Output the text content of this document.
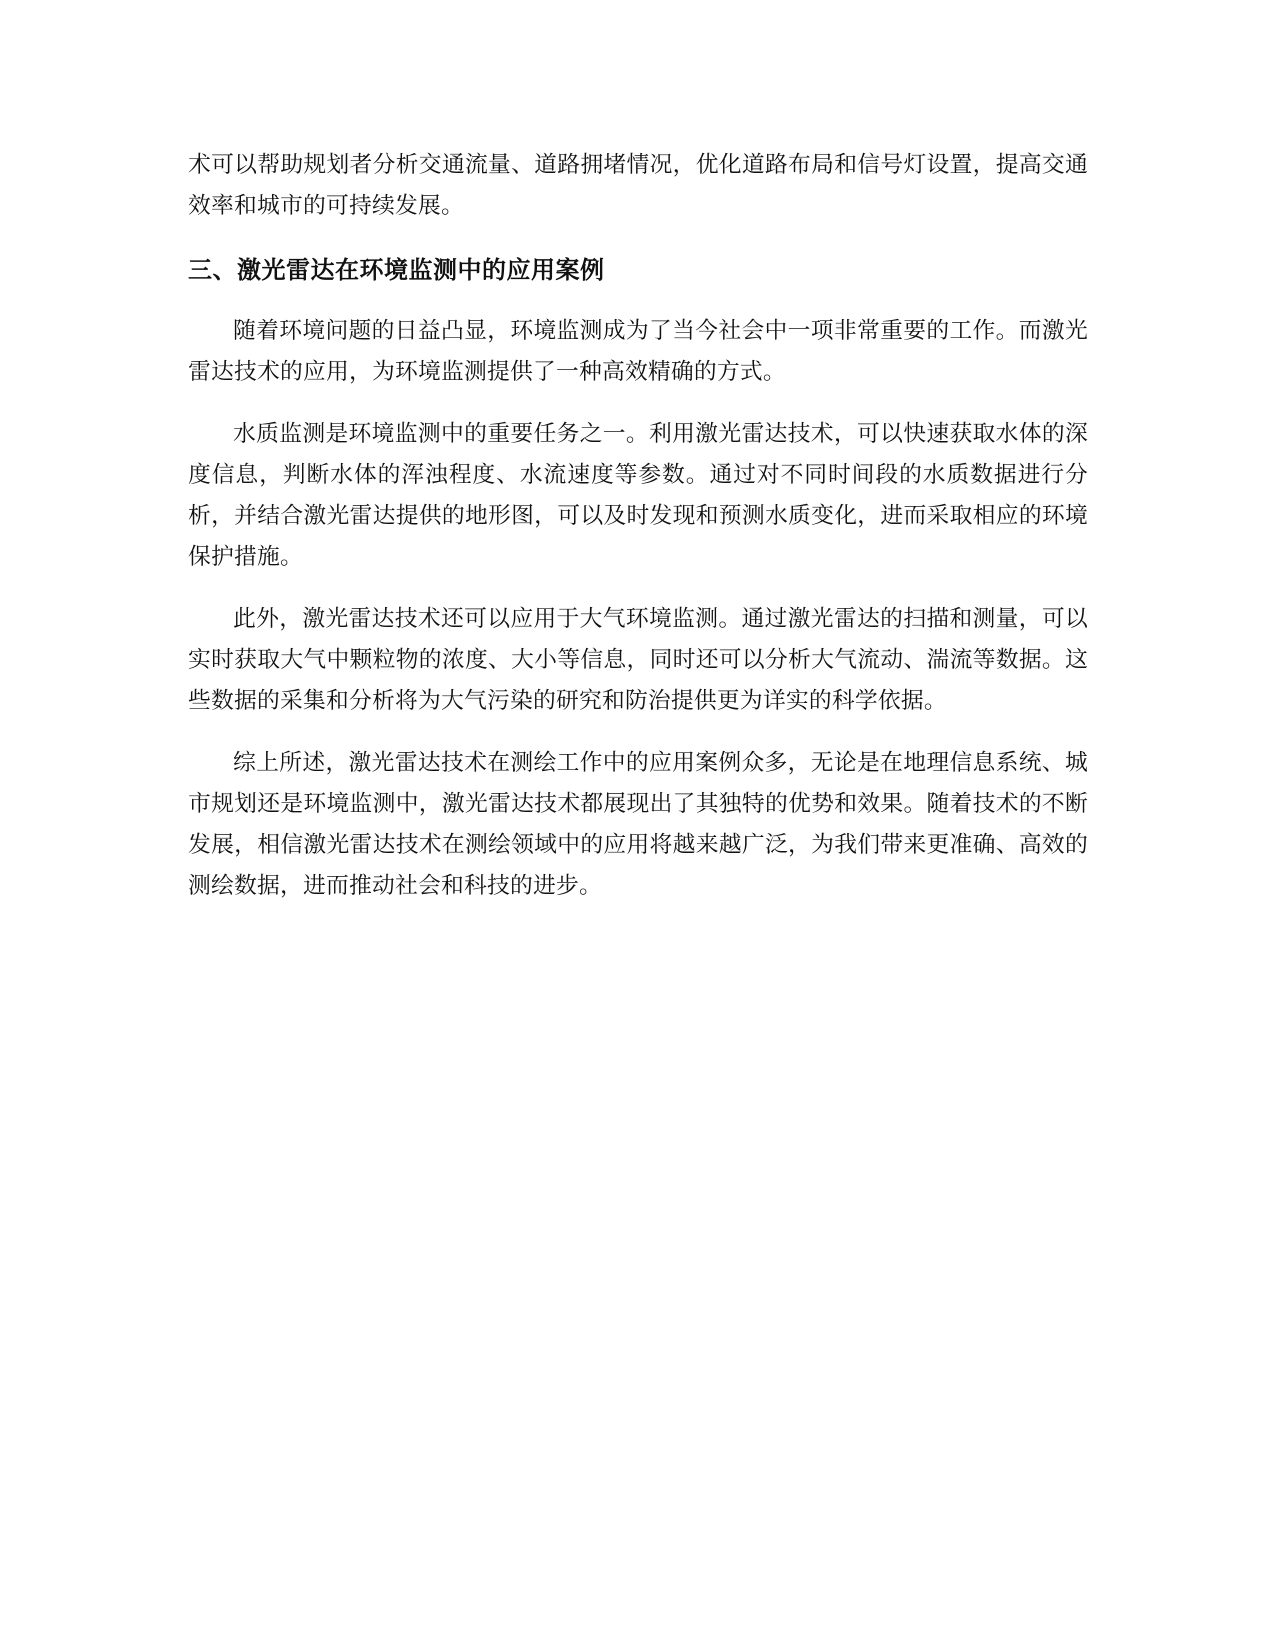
术可以帮助规划者分析交通流量、道路拥堵情况，优化道路布局和信号灯设置，提高交通效率和城市的可持续发展。

三、激光雷达在环境监测中的应用案例

随着环境问题的日益凸显，环境监测成为了当今社会中一项非常重要的工作。而激光雷达技术的应用，为环境监测提供了一种高效精确的方式。

水质监测是环境监测中的重要任务之一。利用激光雷达技术，可以快速获取水体的深度信息，判断水体的浑浊程度、水流速度等参数。通过对不同时间段的水质数据进行分析，并结合激光雷达提供的地形图，可以及时发现和预测水质变化，进而采取相应的环境保护措施。

此外，激光雷达技术还可以应用于大气环境监测。通过激光雷达的扫描和测量，可以实时获取大气中颗粒物的浓度、大小等信息，同时还可以分析大气流动、湍流等数据。这些数据的采集和分析将为大气污染的研究和防治提供更为详实的科学依据。

综上所述，激光雷达技术在测绘工作中的应用案例众多，无论是在地理信息系统、城市规划还是环境监测中，激光雷达技术都展现出了其独特的优势和效果。随着技术的不断发展，相信激光雷达技术在测绘领域中的应用将越来越广泛，为我们带来更准确、高效的测绘数据，进而推动社会和科技的进步。
